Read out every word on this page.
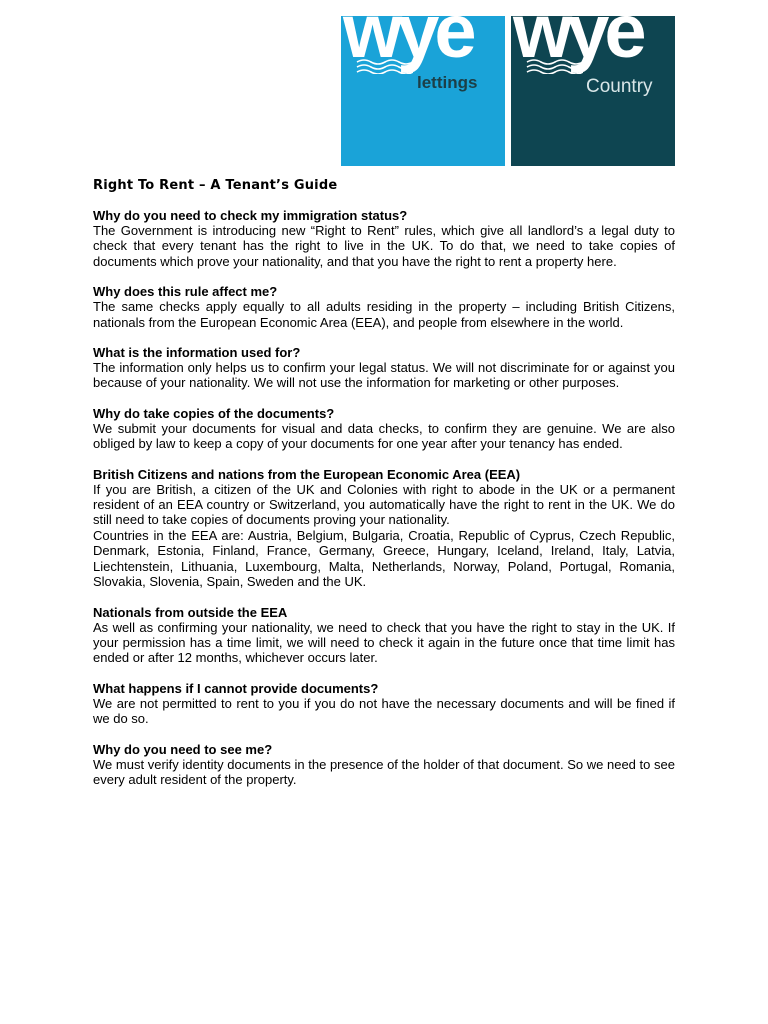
wye
lettings
wye
Country
Right To Rent – A Tenant’s Guide
Why do you need to check my immigration status?

The Government is introducing new “Right to Rent” rules, which give all landlord’s a legal duty to check that every tenant has the right to live in the UK. To do that, we need to take copies of documents which prove your nationality, and that you have the right to rent a property here.

Why does this rule affect me?

The same checks apply equally to all adults residing in the property – including British Citizens, nationals from the European Economic Area (EEA), and people from elsewhere in the world.

What is the information used for?

The information only helps us to confirm your legal status. We will not discriminate for or against you because of your nationality. We will not use the information for marketing or other purposes.

Why do take copies of the documents?

We submit your documents for visual and data checks, to confirm they are genuine. We are also obliged by law to keep a copy of your documents for one year after your tenancy has ended.

British Citizens and nations from the European Economic Area (EEA)

If you are British, a citizen of the UK and Colonies with right to abode in the UK or a permanent resident of an EEA country or Switzerland, you automatically have the right to rent in the UK. We do still need to take copies of documents proving your nationality.

Countries in the EEA are: Austria, Belgium, Bulgaria, Croatia, Republic of Cyprus, Czech Republic, Denmark, Estonia, Finland, France, Germany, Greece, Hungary, Iceland, Ireland, Italy, Latvia, Liechtenstein, Lithuania, Luxembourg, Malta, Netherlands, Norway, Poland, Portugal, Romania, Slovakia, Slovenia, Spain, Sweden and the UK.

Nationals from outside the EEA

As well as confirming your nationality, we need to check that you have the right to stay in the UK. If your permission has a time limit, we will need to check it again in the future once that time limit has ended or after 12 months, whichever occurs later.

What happens if I cannot provide documents?

We are not permitted to rent to you if you do not have the necessary documents and will be fined if we do so.

Why do you need to see me?

We must verify identity documents in the presence of the holder of that document. So we need to see every adult resident of the property.
